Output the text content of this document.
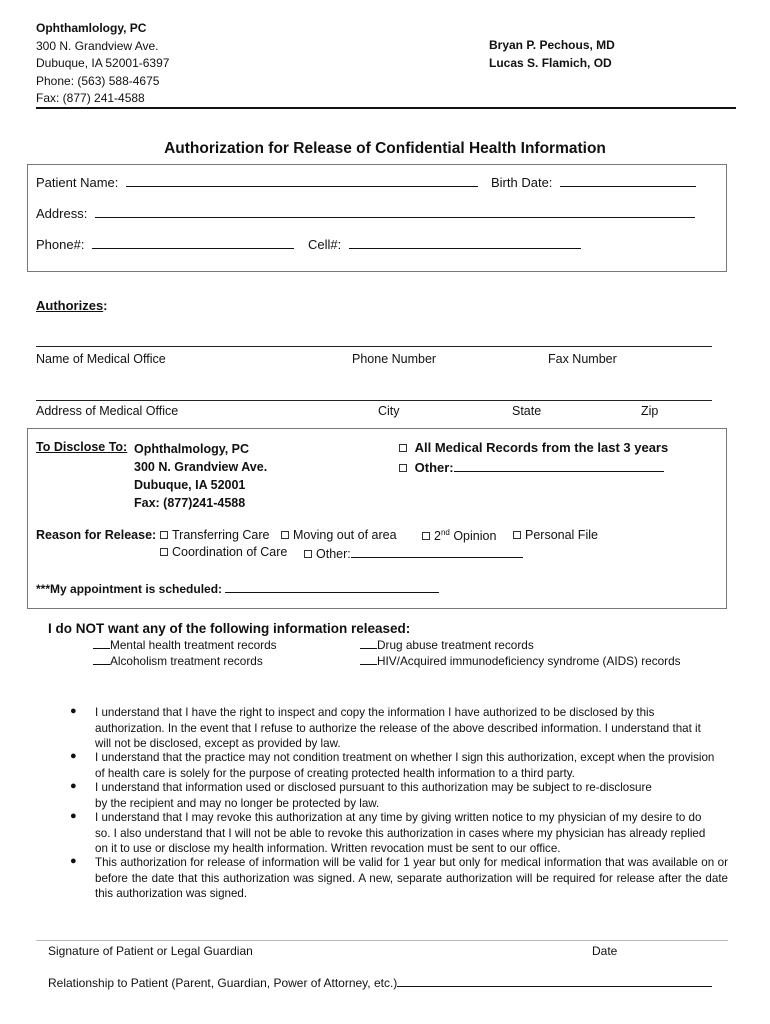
Ophthamlology, PC
300 N. Grandview Ave.
Dubuque, IA 52001-6397
Phone: (563) 588-4675
Fax: (877) 241-4588
Bryan P. Pechous, MD
Lucas S. Flamich, OD
Authorization for Release of Confidential Health Information
Patient Name:	Birth Date:
Address:
Phone#:	Cell#:
Authorizes:
Name of Medical Office	Phone Number	Fax Number
Address of Medical Office	City	State	Zip
To Disclose To: Ophthalmology, PC
300 N. Grandview Ave.
Dubuque, IA 52001
Fax: (877)241-4588
All Medical Records from the last 3 years
Other:
Reason for Release:	Transferring Care	Moving out of area	2nd Opinion	Personal File
Coordination of Care	Other:
***My appointment is scheduled:
I do NOT want any of the following information released:
Mental health treatment records	Drug abuse treatment records
Alcoholism treatment records	HIV/Acquired immunodeficiency syndrome (AIDS) records
● I understand that I have the right to inspect and copy the information I have authorized to be disclosed by this authorization. In the event that I refuse to authorize the release of the above described information. I understand that it will not be disclosed, except as provided by law.
● I understand that the practice may not condition treatment on whether I sign this authorization, except when the provision of health care is solely for the purpose of creating protected health information to a third party.
● I understand that information used or disclosed pursuant to this authorization may be subject to re-disclosure by the recipient and may no longer be protected by law.
● I understand that I may revoke this authorization at any time by giving written notice to my physician of my desire to do so. I also understand that I will not be able to revoke this authorization in cases where my physician has already replied on it to use or disclose my health information. Written revocation must be sent to our office.
● This authorization for release of information will be valid for 1 year but only for medical information that was available on or before the date that this authorization was signed. A new, separate authorization will be required for release after the date this authorization was signed.
Signature of Patient or Legal Guardian	Date
Relationship to Patient (Parent, Guardian, Power of Attorney, etc.)
